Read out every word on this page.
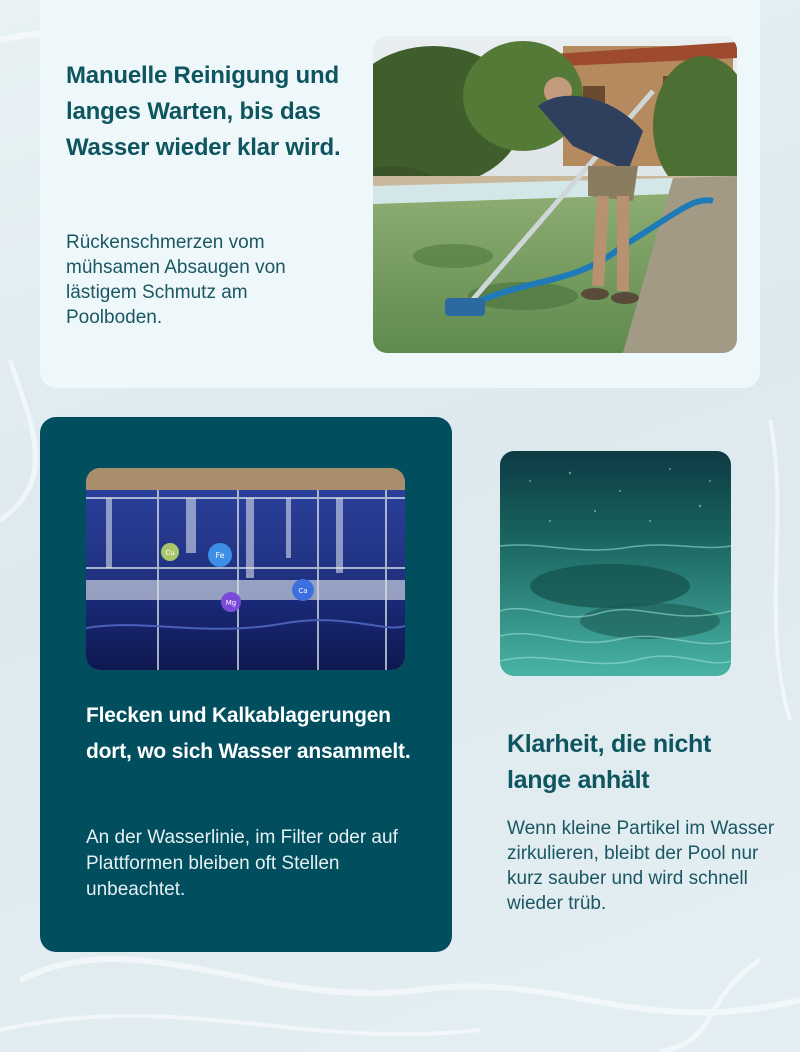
Manuelle Reinigung und langes Warten, bis das Wasser wieder klar wird.

Rückenschmerzen vom mühsamen Absaugen von lästigem Schmutz am Poolboden.

Flecken und Kalkablagerungen dort, wo sich Wasser ansammelt.

An der Wasserlinie, im Filter oder auf Plattformen bleiben oft Stellen unbeachtet.

Cu	Fe
Mg
Ca
Klarheit, die nicht lange anhält

Wenn kleine Partikel im Wasser zirkulieren, bleibt der Pool nur kurz sauber und wird schnell wieder trüb.
